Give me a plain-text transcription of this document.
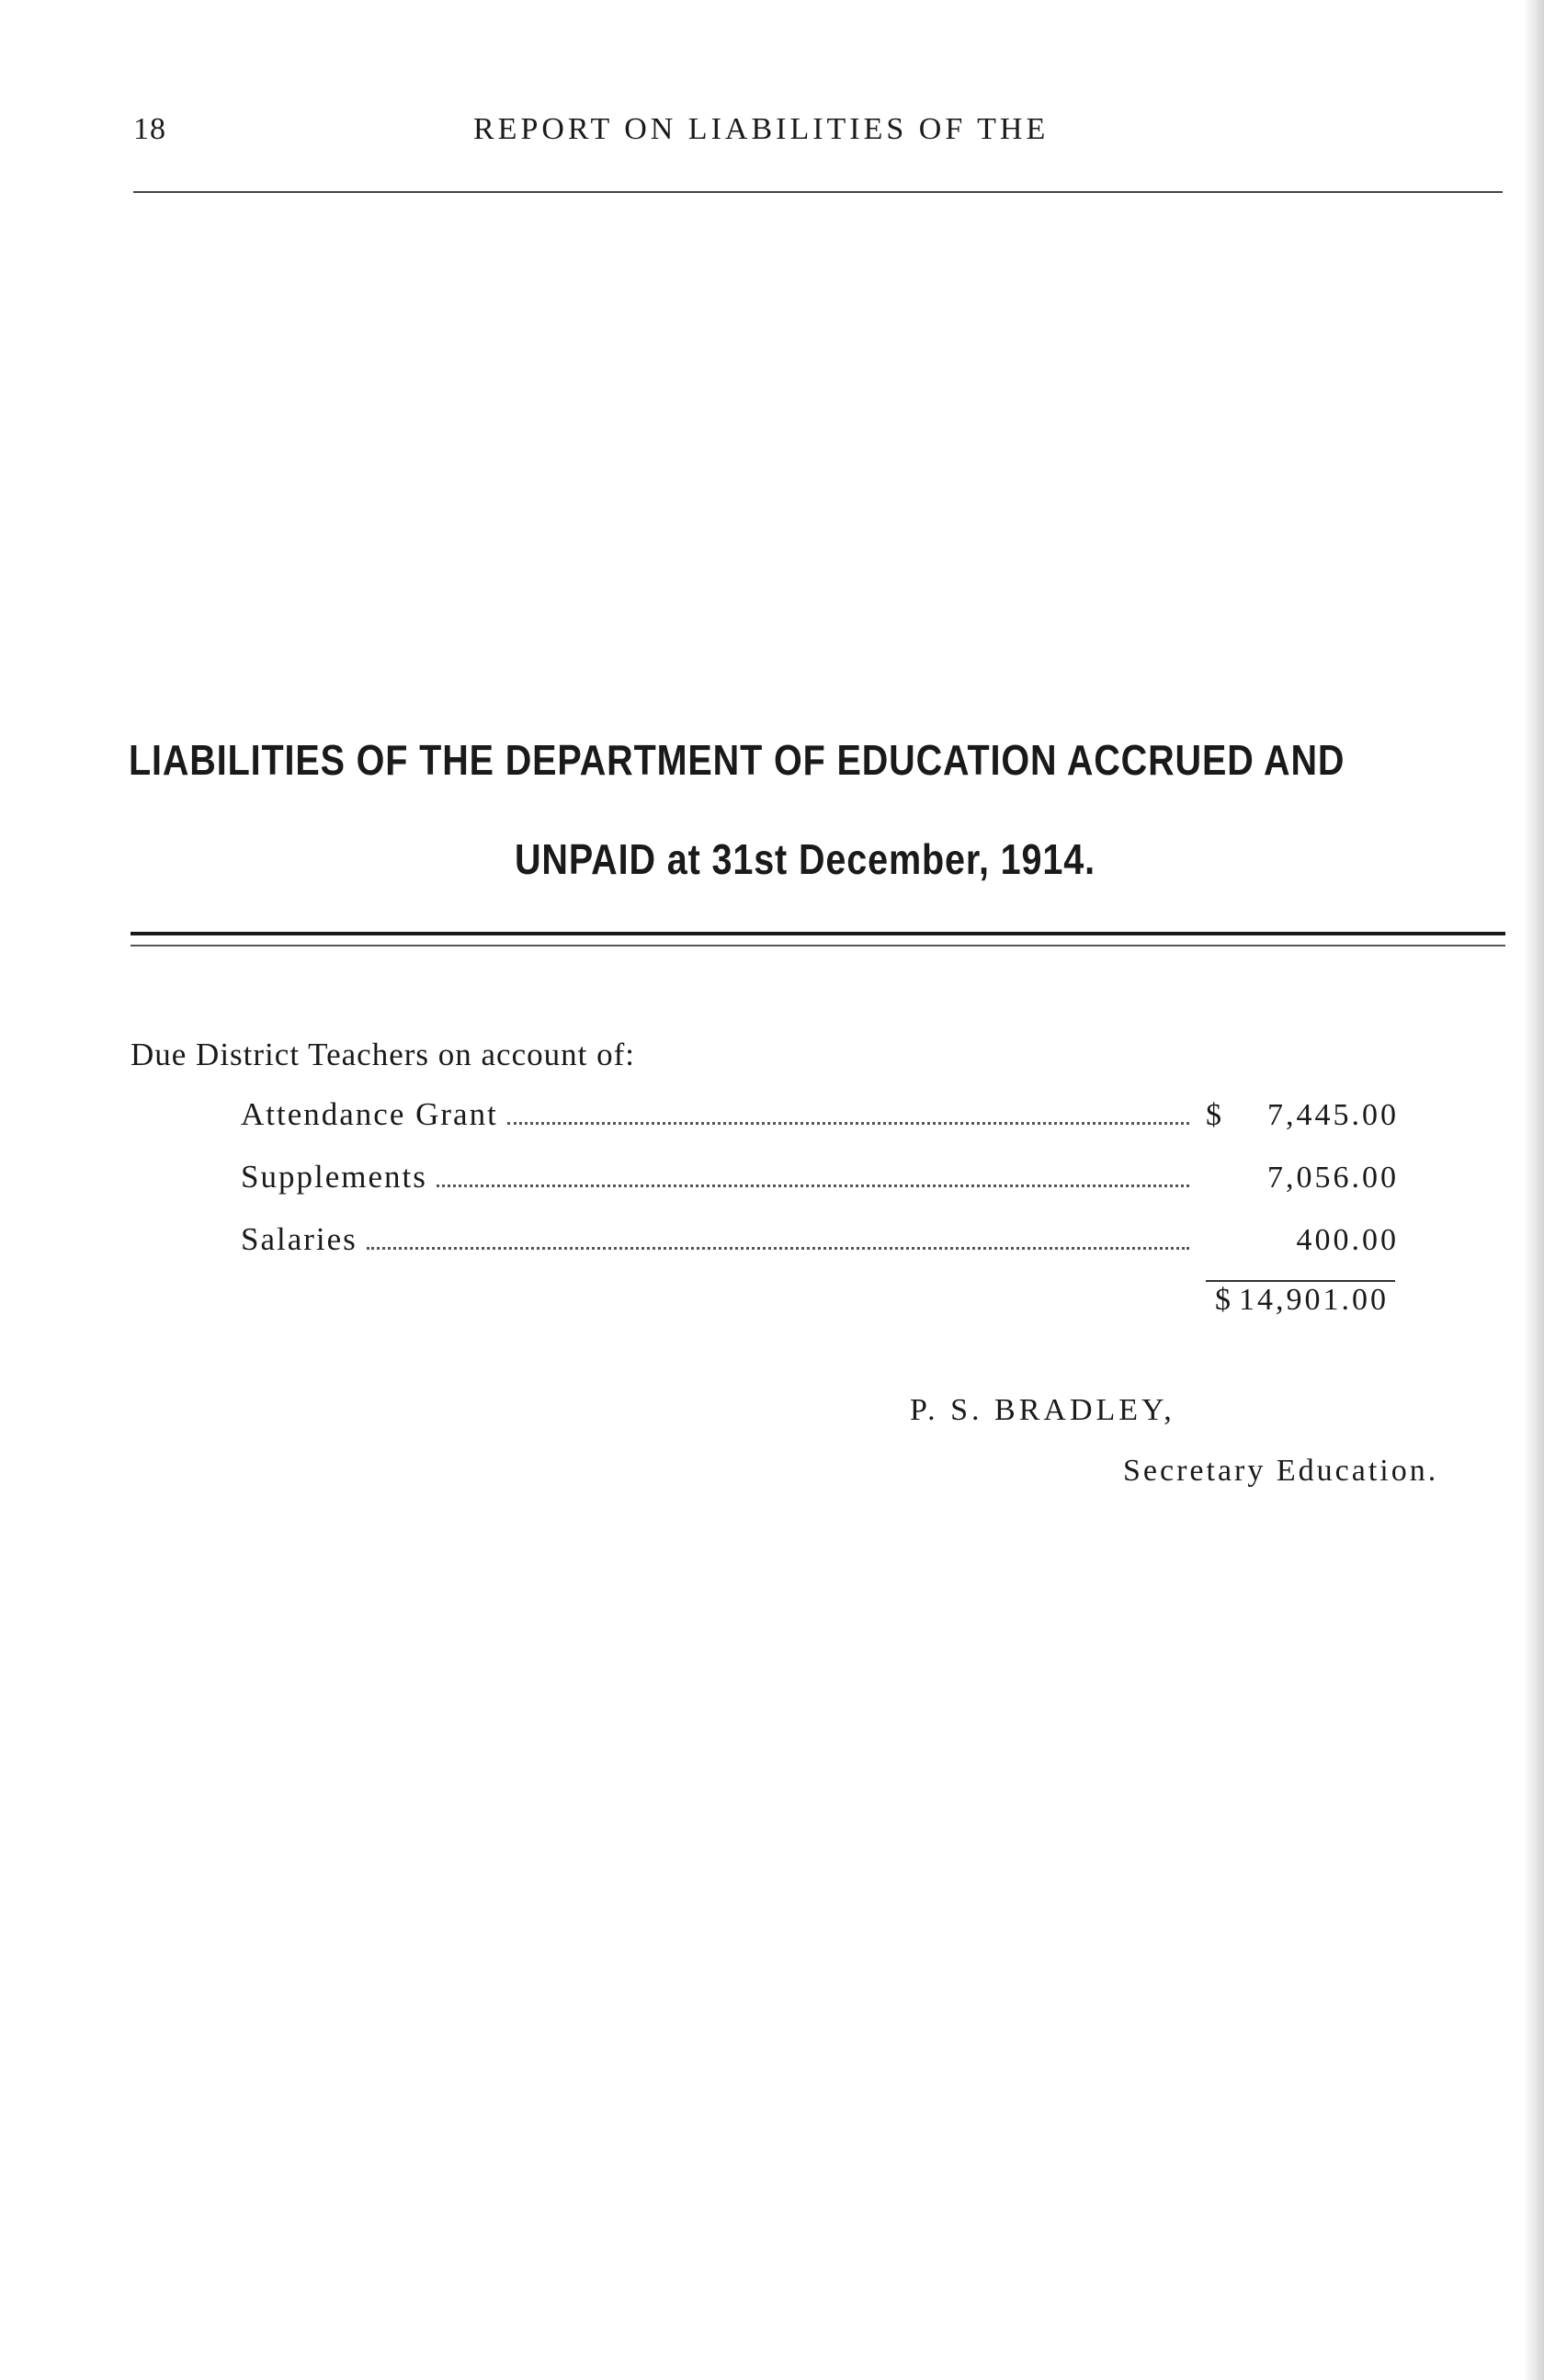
18	REPORT ON LIABILITIES OF THE
LIABILITIES OF THE DEPARTMENT OF EDUCATION ACCRUED AND
UNPAID at 31st December, 1914.
Due District Teachers on account of:
Attendance Grant	$	7,445.00
Supplements	7,056.00
Salaries	400.00
$ 14,901.00
P. S. BRADLEY,
Secretary Education.
